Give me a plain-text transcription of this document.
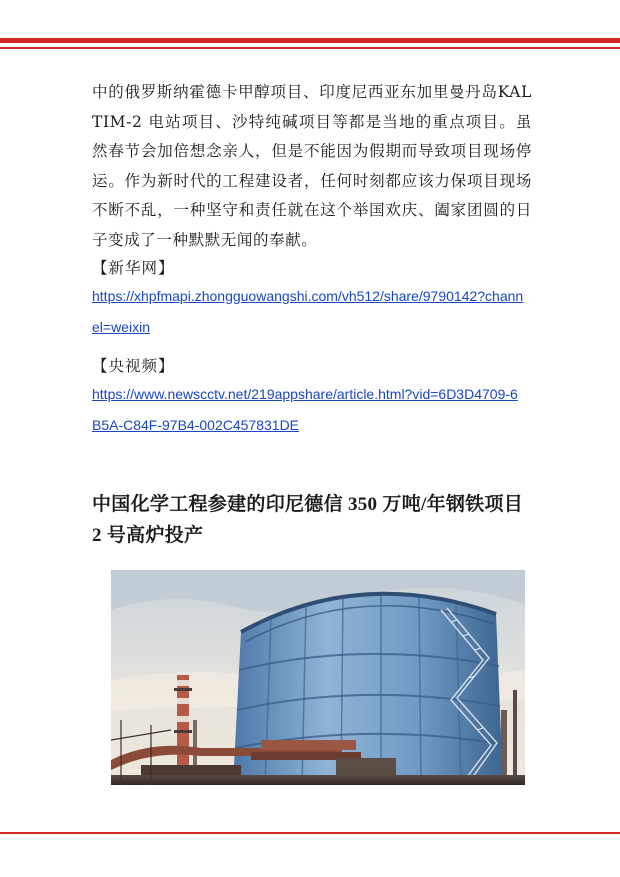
中的俄罗斯纳霍德卡甲醇项目、印度尼西亚东加里曼丹岛KALTIM-2 电站项目、沙特纯碱项目等都是当地的重点项目。虽然春节会加倍想念亲人，但是不能因为假期而导致项目现场停运。作为新时代的工程建设者，任何时刻都应该力保项目现场不断不乱，一种坚守和责任就在这个举国欢庆、阖家团圆的日子变成了一种默默无闻的奉献。

【新华网】

https://xhpfmapi.zhongguowangshi.com/vh512/share/9790142?channel=weixin

【央视频】

https://www.newscctv.net/219appshare/article.html?vid=6D3D4709-6B5A-C84F-97B4-002C457831DE
中国化学工程参建的印尼德信 350 万吨/年钢铁项目 2 号高炉投产
